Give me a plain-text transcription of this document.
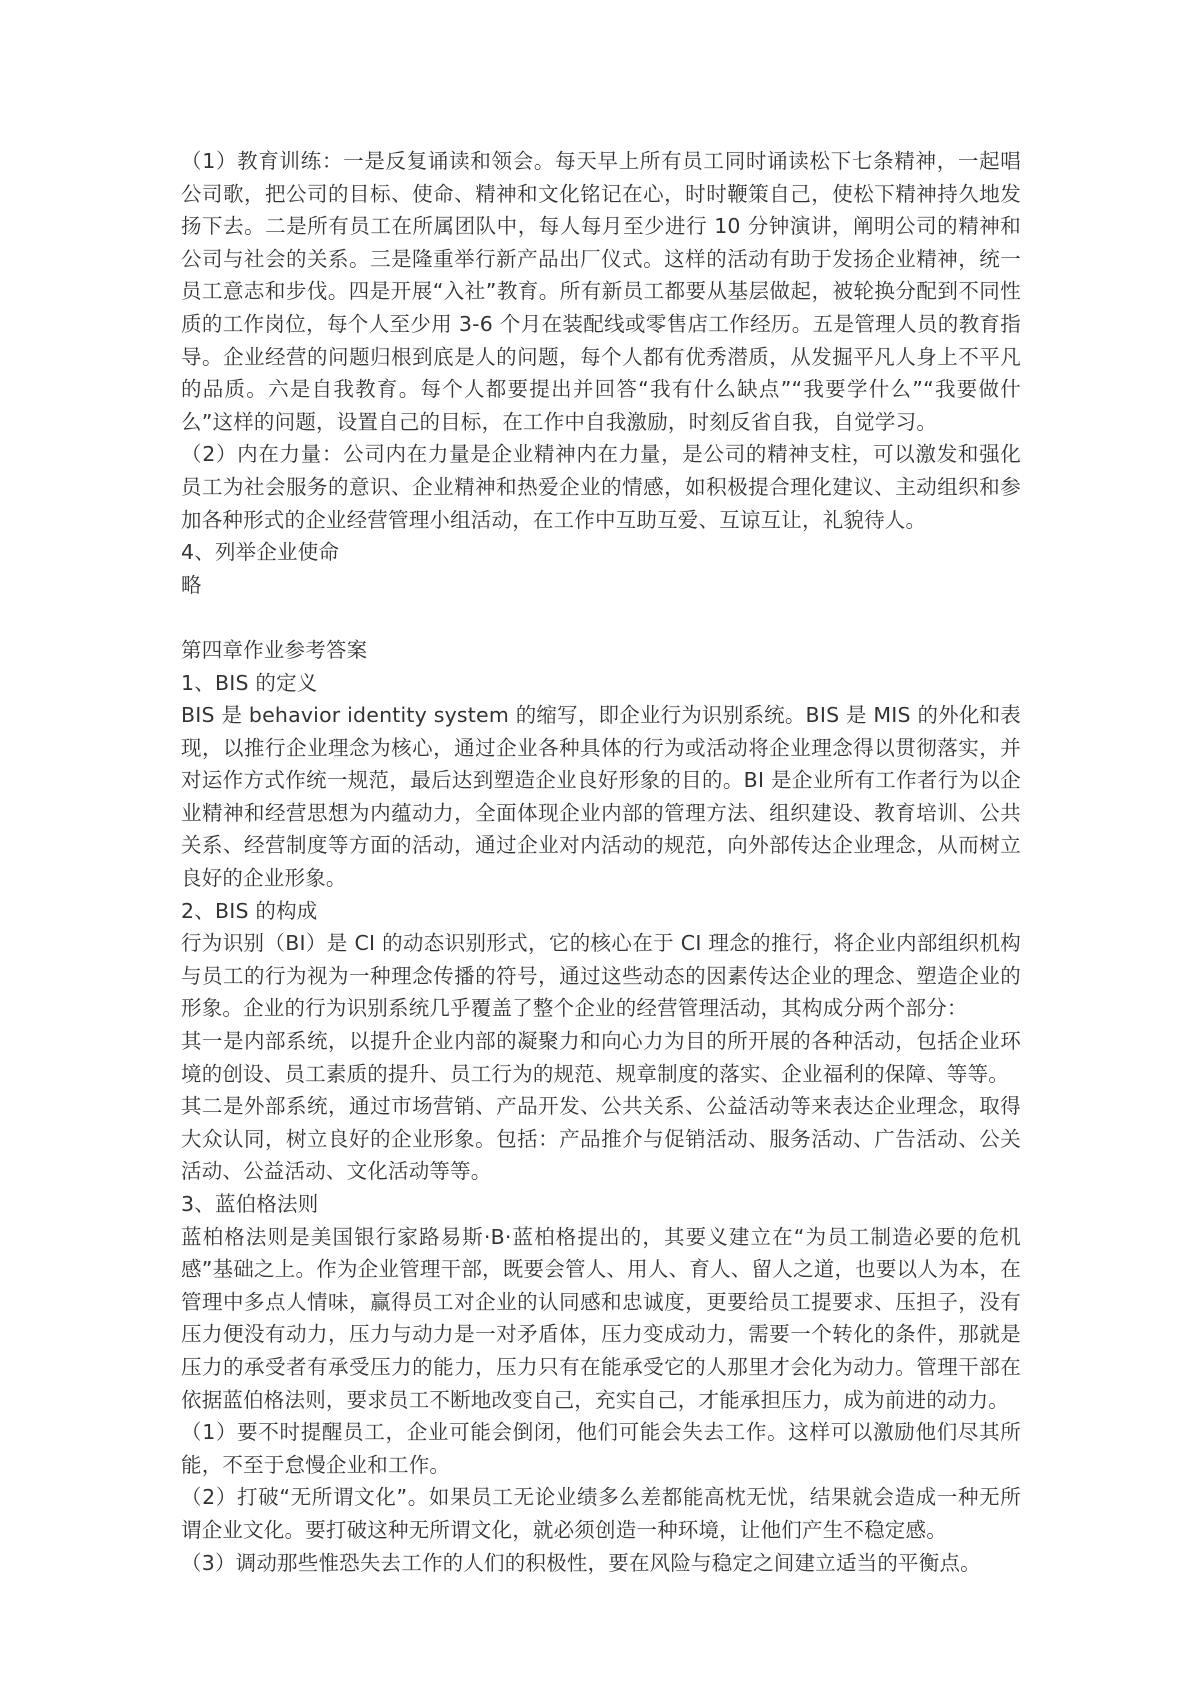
（1）教育训练：一是反复诵读和领会。每天早上所有员工同时诵读松下七条精神，一起唱公司歌，把公司的目标、使命、精神和文化铭记在心，时时鞭策自己，使松下精神持久地发扬下去。二是所有员工在所属团队中，每人每月至少进行 10 分钟演讲，阐明公司的精神和公司与社会的关系。三是隆重举行新产品出厂仪式。这样的活动有助于发扬企业精神，统一员工意志和步伐。四是开展“入社”教育。所有新员工都要从基层做起，被轮换分配到不同性质的工作岗位，每个人至少用 3-6 个月在装配线或零售店工作经历。五是管理人员的教育指导。企业经营的问题归根到底是人的问题，每个人都有优秀潜质，从发掘平凡人身上不平凡的品质。六是自我教育。每个人都要提出并回答“我有什么缺点”“我要学什么”“我要做什么”这样的问题，设置自己的目标，在工作中自我激励，时刻反省自我，自觉学习。

（2）内在力量：公司内在力量是企业精神内在力量，是公司的精神支柱，可以激发和强化员工为社会服务的意识、企业精神和热爱企业的情感，如积极提合理化建议、主动组织和参加各种形式的企业经营管理小组活动，在工作中互助互爱、互谅互让，礼貌待人。

4、列举企业使命

略

第四章作业参考答案

1、BIS 的定义

BIS 是 behavior identity system 的缩写，即企业行为识别系统。BIS 是 MIS 的外化和表现，以推行企业理念为核心，通过企业各种具体的行为或活动将企业理念得以贯彻落实，并对运作方式作统一规范，最后达到塑造企业良好形象的目的。BI 是企业所有工作者行为以企业精神和经营思想为内蕴动力，全面体现企业内部的管理方法、组织建设、教育培训、公共关系、经营制度等方面的活动，通过企业对内活动的规范，向外部传达企业理念，从而树立良好的企业形象。

2、BIS 的构成

行为识别（BI）是 CI 的动态识别形式，它的核心在于 CI 理念的推行，将企业内部组织机构与员工的行为视为一种理念传播的符号，通过这些动态的因素传达企业的理念、塑造企业的形象。企业的行为识别系统几乎覆盖了整个企业的经营管理活动，其构成分两个部分：

其一是内部系统，以提升企业内部的凝聚力和向心力为目的所开展的各种活动，包括企业环境的创设、员工素质的提升、员工行为的规范、规章制度的落实、企业福利的保障、等等。

其二是外部系统，通过市场营销、产品开发、公共关系、公益活动等来表达企业理念，取得大众认同，树立良好的企业形象。包括：产品推介与促销活动、服务活动、广告活动、公关活动、公益活动、文化活动等等。

3、蓝伯格法则

蓝柏格法则是美国银行家路易斯·B·蓝柏格提出的，其要义建立在“为员工制造必要的危机感”基础之上。作为企业管理干部，既要会管人、用人、育人、留人之道，也要以人为本，在管理中多点人情味，赢得员工对企业的认同感和忠诚度，更要给员工提要求、压担子，没有压力便没有动力，压力与动力是一对矛盾体，压力变成动力，需要一个转化的条件，那就是压力的承受者有承受压力的能力，压力只有在能承受它的人那里才会化为动力。管理干部在依据蓝伯格法则，要求员工不断地改变自己，充实自己，才能承担压力，成为前进的动力。

（1）要不时提醒员工，企业可能会倒闭，他们可能会失去工作。这样可以激励他们尽其所能，不至于怠慢企业和工作。

（2）打破“无所谓文化”。如果员工无论业绩多么差都能高枕无忧，结果就会造成一种无所谓企业文化。要打破这种无所谓文化，就必须创造一种环境，让他们产生不稳定感。

（3）调动那些惟恐失去工作的人们的积极性，要在风险与稳定之间建立适当的平衡点。
